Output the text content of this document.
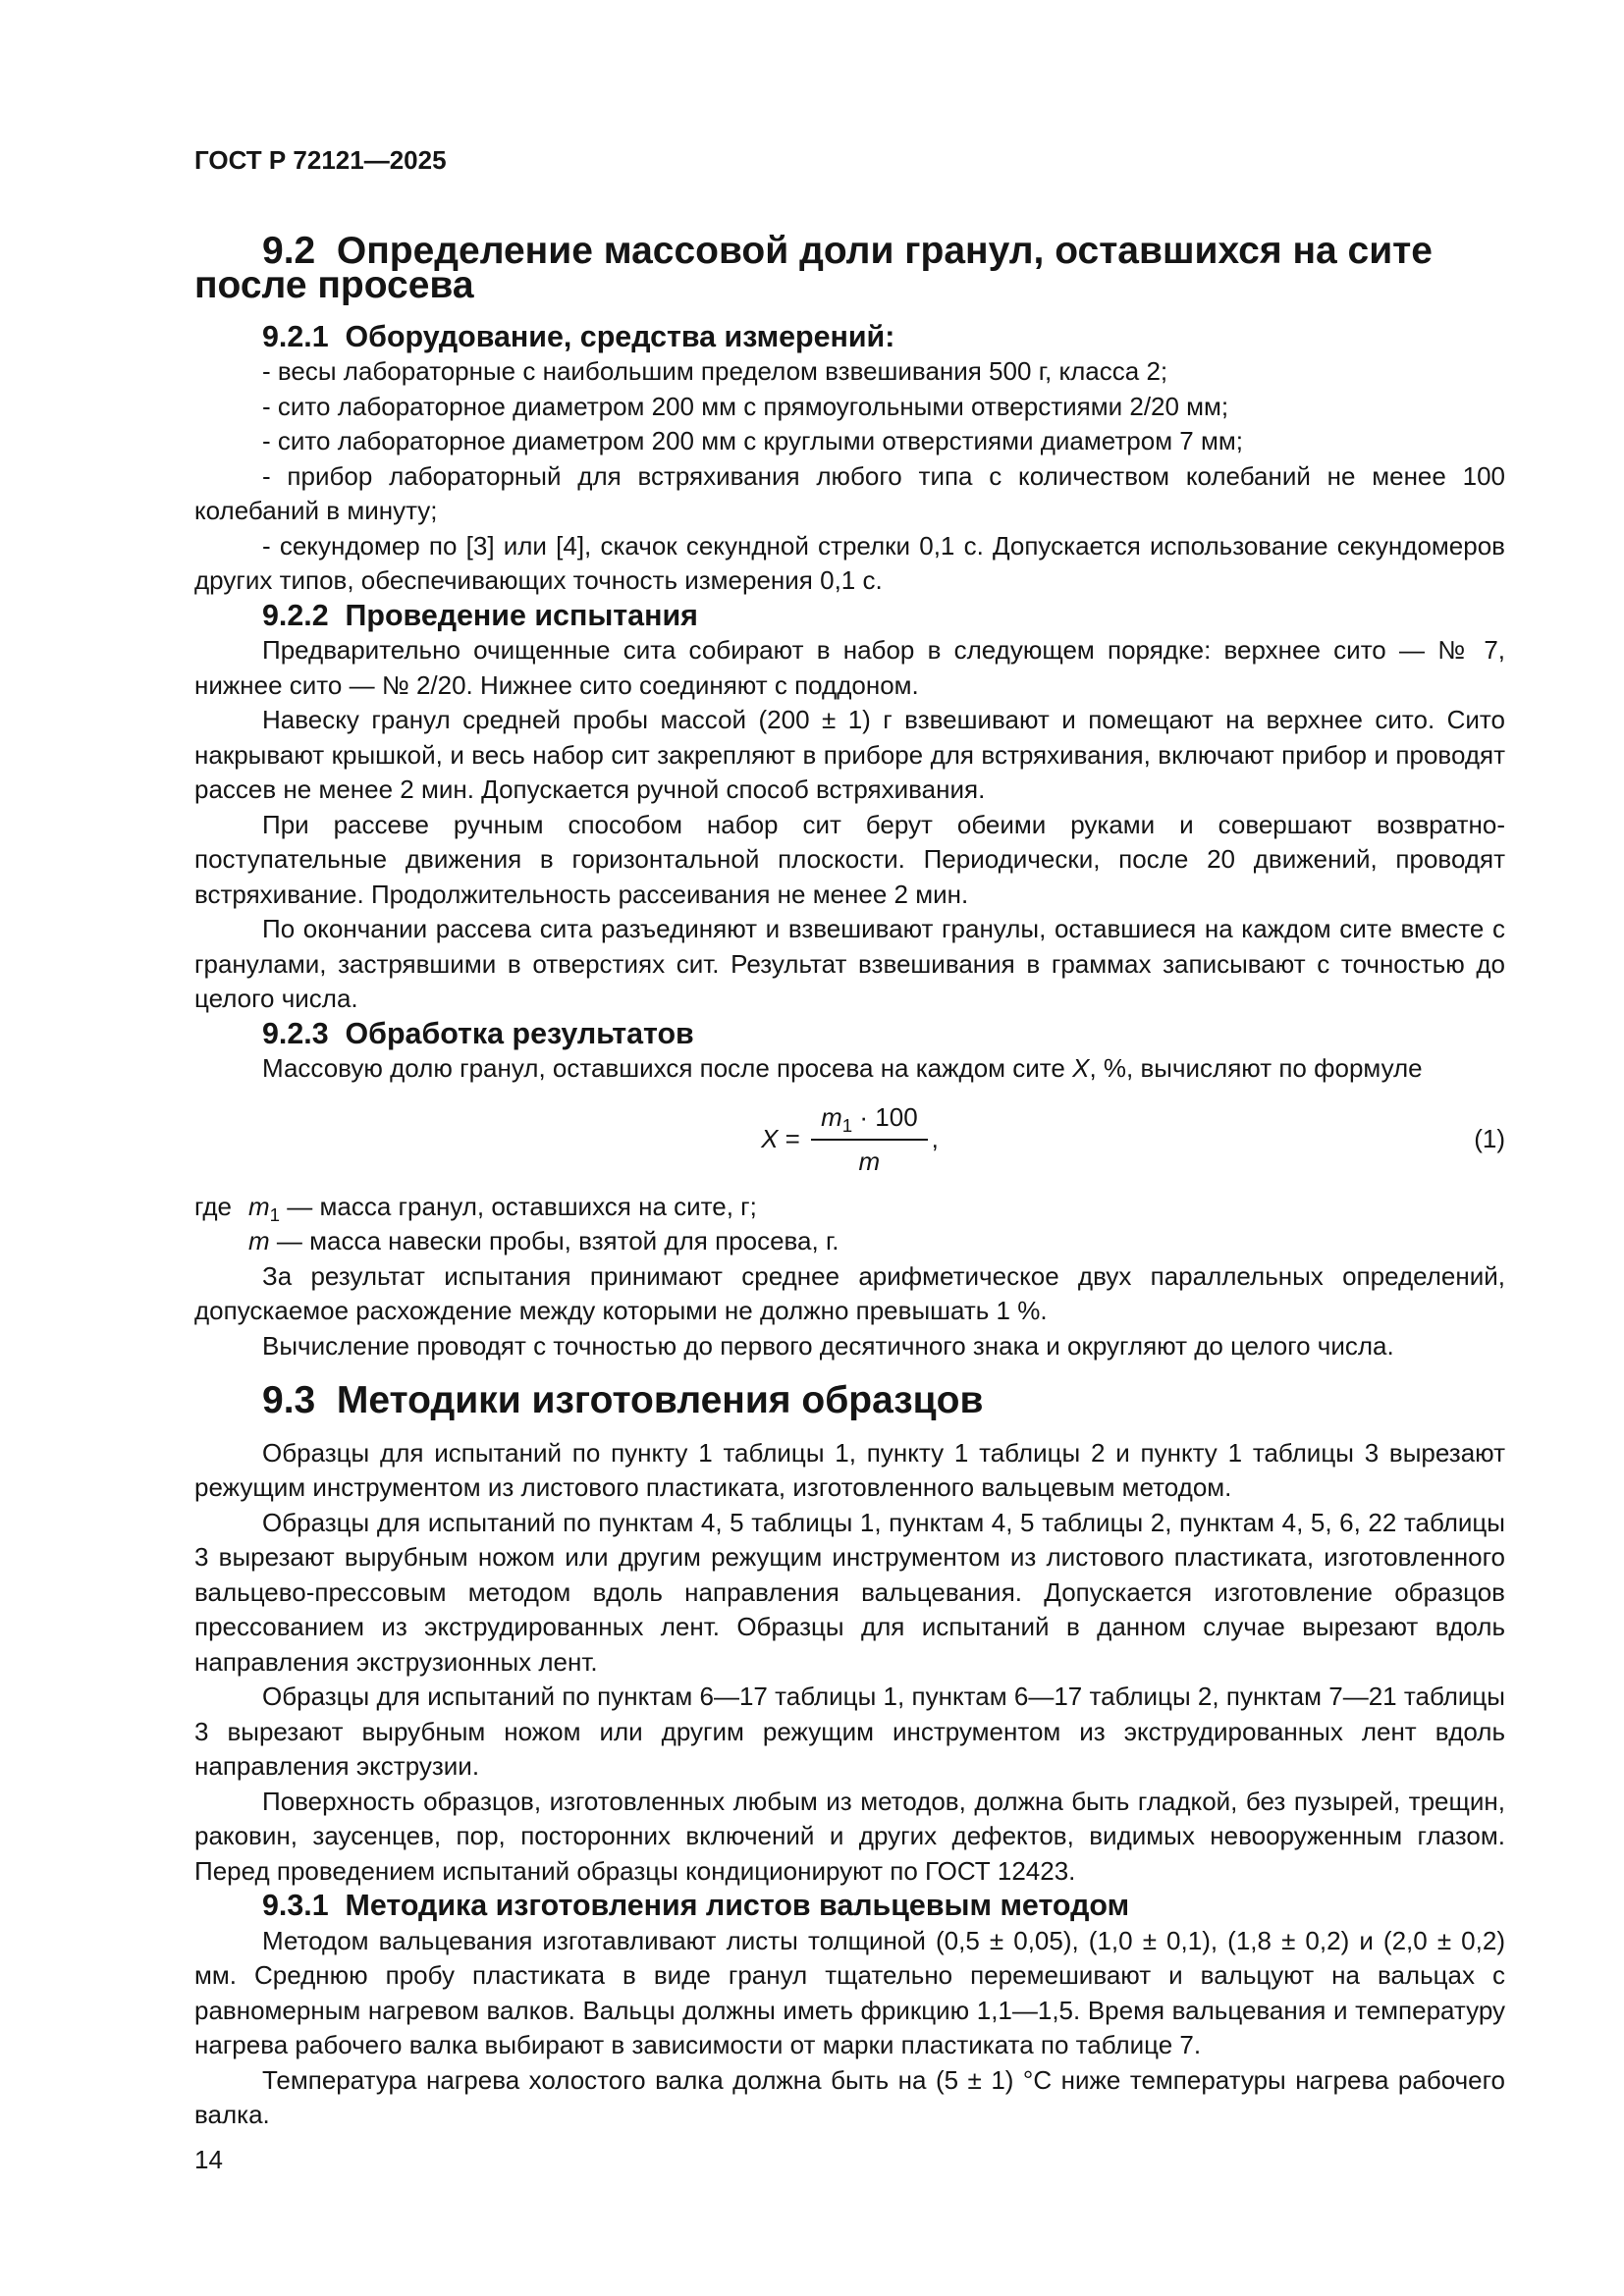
ГОСТ Р 72121—2025
9.2  Определение массовой доли гранул, оставшихся на сите после просева
9.2.1  Оборудование, средства измерений:

- весы лабораторные с наибольшим пределом взвешивания 500 г, класса 2;

- сито лабораторное диаметром 200 мм с прямоугольными отверстиями 2/20 мм;

- сито лабораторное диаметром 200 мм с круглыми отверстиями диаметром 7 мм;

- прибор лабораторный для встряхивания любого типа с количеством колебаний не менее 100 колебаний в минуту;

- секундомер по [3] или [4], скачок секундной стрелки 0,1 с. Допускается использование секундомеров других типов, обеспечивающих точность измерения 0,1 с.

9.2.2  Проведение испытания

Предварительно очищенные сита собирают в набор в следующем порядке: верхнее сито — № 7, нижнее сито — № 2/20. Нижнее сито соединяют с поддоном.

Навеску гранул средней пробы массой (200 ± 1) г взвешивают и помещают на верхнее сито. Сито накрывают крышкой, и весь набор сит закрепляют в приборе для встряхивания, включают прибор и проводят рассев не менее 2 мин. Допускается ручной способ встряхивания.

При рассеве ручным способом набор сит берут обеими руками и совершают возвратно-поступательные движения в горизонтальной плоскости. Периодически, после 20 движений, проводят встряхивание. Продолжительность рассеивания не менее 2 мин.

По окончании рассева сита разъединяют и взвешивают гранулы, оставшиеся на каждом сите вместе с гранулами, застрявшими в отверстиях сит. Результат взвешивания в граммах записывают с точностью до целого числа.

9.2.3  Обработка результатов

Массовую долю гранул, оставшихся после просева на каждом сите X, %, вычисляют по формуле

$X = \frac{m_1 \cdot 100}{m}$ ,	(1)

где $m_1$ — масса гранул, оставшихся на сите, г;

m — масса навески пробы, взятой для просева, г.

За результат испытания принимают среднее арифметическое двух параллельных определений, допускаемое расхождение между которыми не должно превышать 1 %.

Вычисление проводят с точностью до первого десятичного знака и округляют до целого числа.

9.3  Методики изготовления образцов

Образцы для испытаний по пункту 1 таблицы 1, пункту 1 таблицы 2 и пункту 1 таблицы 3 вырезают режущим инструментом из листового пластиката, изготовленного вальцевым методом.

Образцы для испытаний по пунктам 4, 5 таблицы 1, пунктам 4, 5 таблицы 2, пунктам 4, 5, 6, 22 таблицы 3 вырезают вырубным ножом или другим режущим инструментом из листового пластиката, изготовленного вальцево-прессовым методом вдоль направления вальцевания. Допускается изготовление образцов прессованием из экструдированных лент. Образцы для испытаний в данном случае вырезают вдоль направления экструзионных лент.

Образцы для испытаний по пунктам 6—17 таблицы 1, пунктам 6—17 таблицы 2, пунктам 7—21 таблицы 3 вырезают вырубным ножом или другим режущим инструментом из экструдированных лент вдоль направления экструзии.

Поверхность образцов, изготовленных любым из методов, должна быть гладкой, без пузырей, трещин, раковин, заусенцев, пор, посторонних включений и других дефектов, видимых невооруженным глазом. Перед проведением испытаний образцы кондиционируют по ГОСТ 12423.

9.3.1  Методика изготовления листов вальцевым методом

Методом вальцевания изготавливают листы толщиной (0,5 ± 0,05), (1,0 ± 0,1), (1,8 ± 0,2) и (2,0 ± 0,2) мм. Среднюю пробу пластиката в виде гранул тщательно перемешивают и вальцуют на вальцах с равномерным нагревом валков. Вальцы должны иметь фрикцию 1,1—1,5. Время вальцевания и температуру нагрева рабочего валка выбирают в зависимости от марки пластиката по таблице 7.

Температура нагрева холостого валка должна быть на (5 ± 1) °С ниже температуры нагрева рабочего валка.

14
